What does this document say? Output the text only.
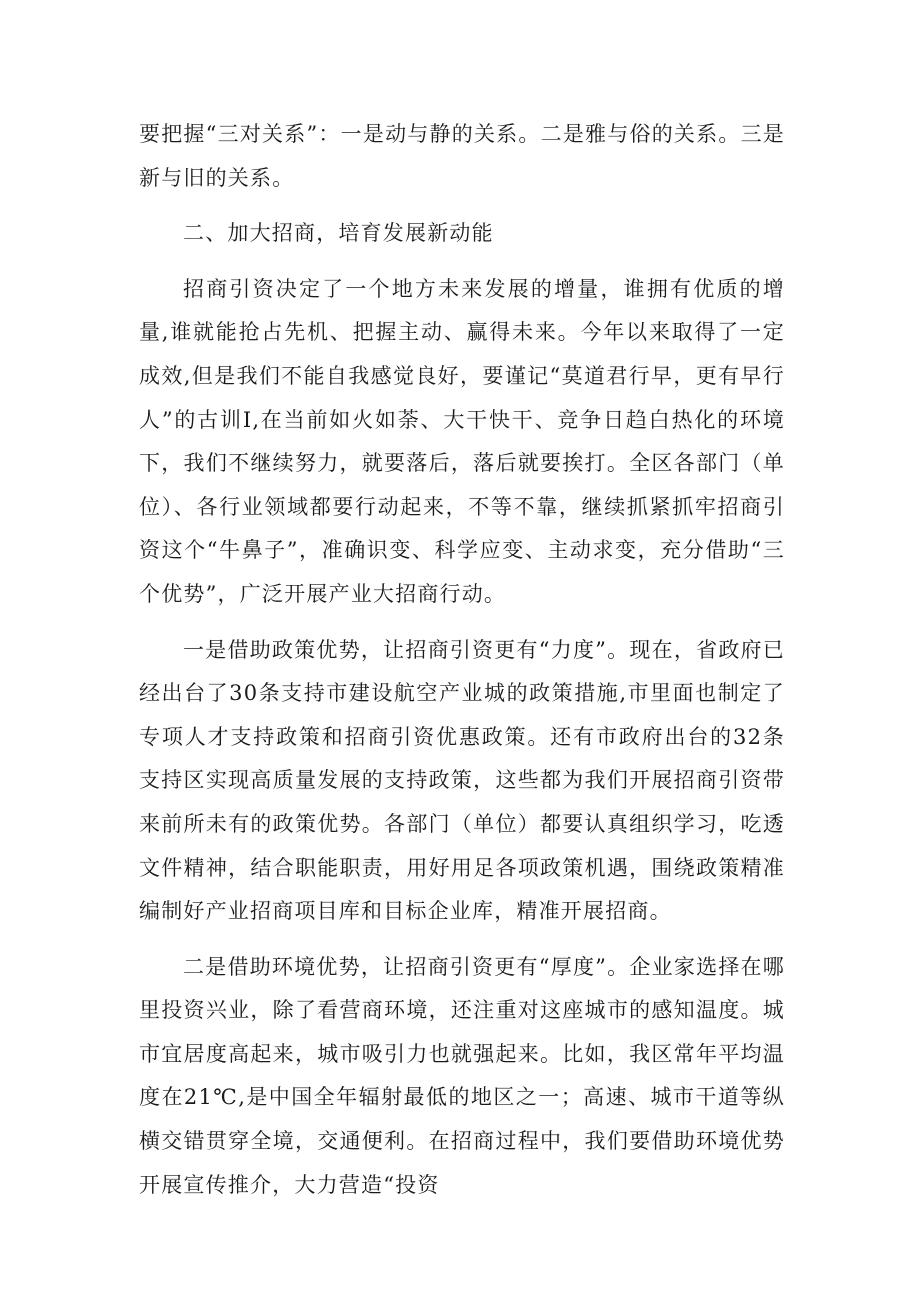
要把握“三对关系”：一是动与静的关系。二是雅与俗的关系。三是新与旧的关系。

二、加大招商，培育发展新动能

招商引资决定了一个地方未来发展的增量，谁拥有优质的增量,谁就能抢占先机、把握主动、赢得未来。今年以来取得了一定成效,但是我们不能自我感觉良好，要谨记“莫道君行早，更有早行人”的古训I,在当前如火如荼、大干快干、竞争日趋白热化的环境下，我们不继续努力，就要落后，落后就要挨打。全区各部门（单位）、各行业领域都要行动起来，不等不靠，继续抓紧抓牢招商引资这个“牛鼻子”，准确识变、科学应变、主动求变，充分借助“三个优势”，广泛开展产业大招商行动。

一是借助政策优势，让招商引资更有“力度”。现在，省政府已经出台了30条支持市建设航空产业城的政策措施,市里面也制定了专项人才支持政策和招商引资优惠政策。还有市政府出台的32条支持区实现高质量发展的支持政策，这些都为我们开展招商引资带来前所未有的政策优势。各部门（单位）都要认真组织学习，吃透文件精神，结合职能职责，用好用足各项政策机遇，围绕政策精准编制好产业招商项目库和目标企业库，精准开展招商。

二是借助环境优势，让招商引资更有“厚度”。企业家选择在哪里投资兴业，除了看营商环境，还注重对这座城市的感知温度。城市宜居度高起来，城市吸引力也就强起来。比如，我区常年平均温度在21℃,是中国全年辐射最低的地区之一；高速、城市干道等纵横交错贯穿全境，交通便利。在招商过程中，我们要借助环境优势开展宣传推介，大力营造“投资
